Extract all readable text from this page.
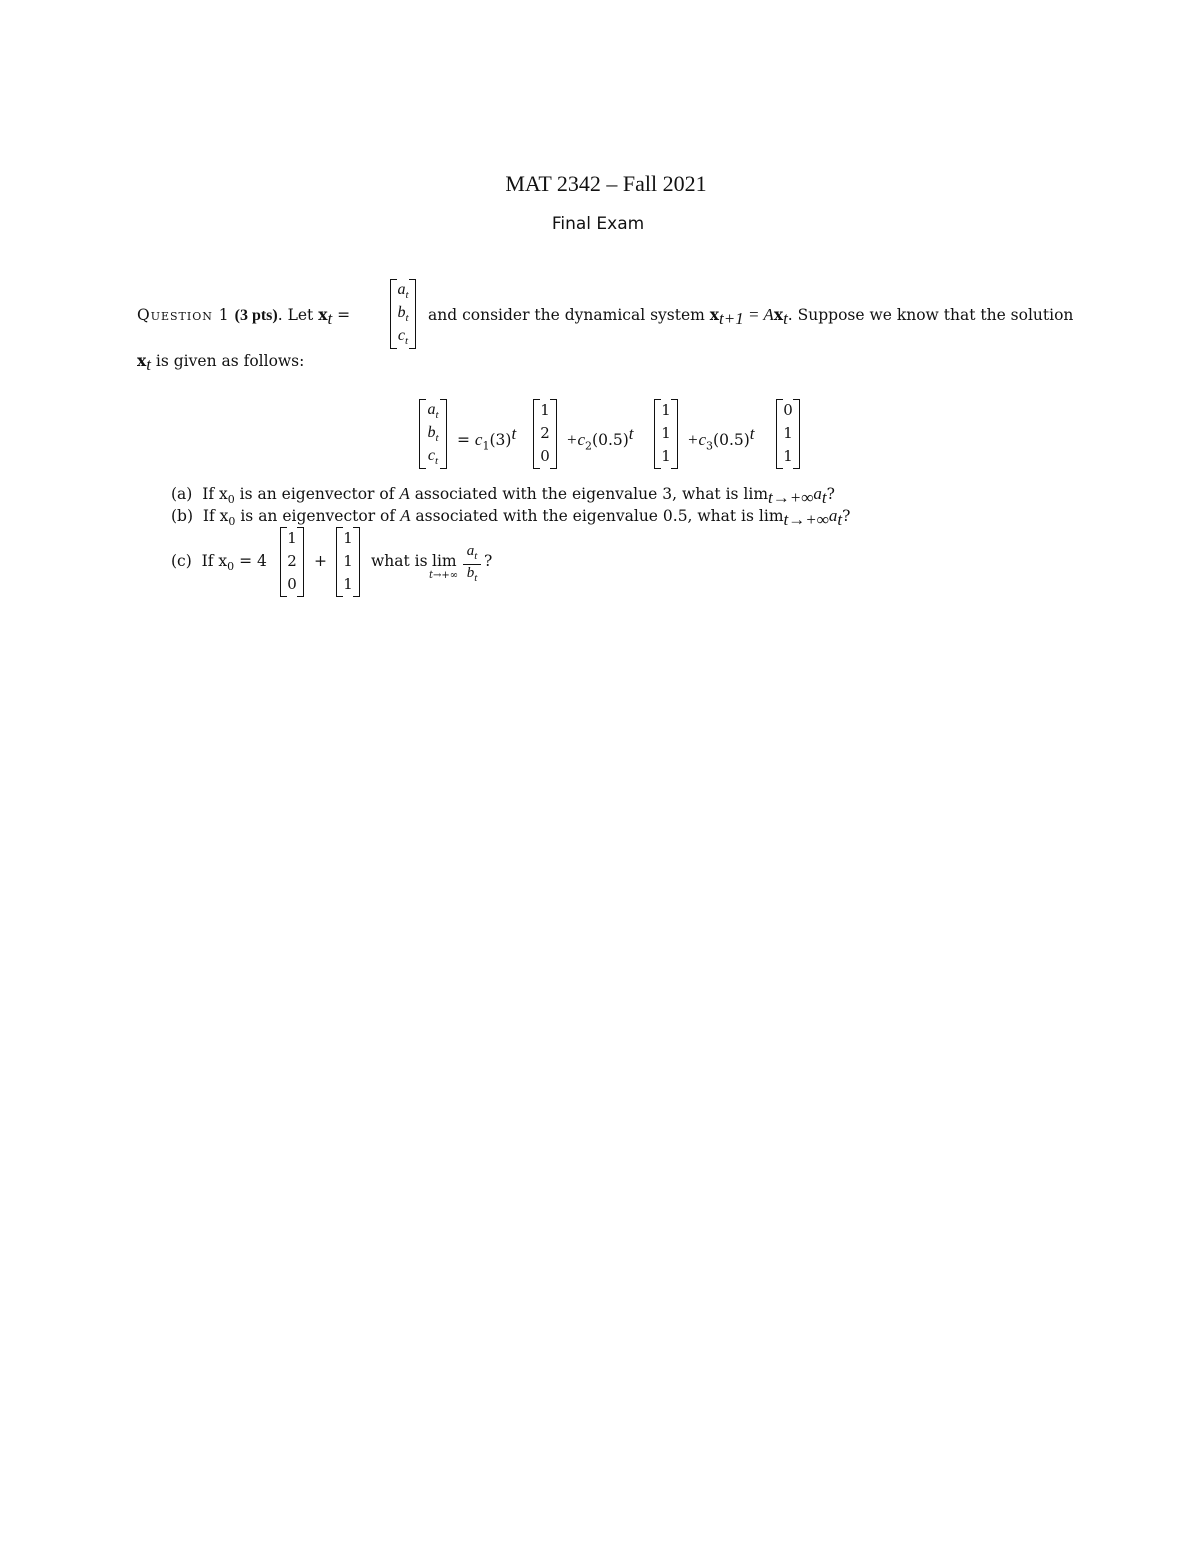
MAT 2342 – Fall 2021
Final Exam
Question 1 (3 pts). Let $x_t$ =
$a_t$
$b_t$
$c_t$
and consider the dynamical system $x_{t+1} = Ax_t$. Suppose we know that the solution
$x_t$ is given as follows:
$a_t$
$b_t$
$c_t$
= $c_1(3)^t$
1
2
0
$+c_2(0.5)^t$
1
1
1
$+c_3(0.5)^t$
0
1
1
(a) If $x_0$ is an eigenvector of A associated with the eigenvalue 3, what is $\lim_{t\to+\infty}a_t$?
(b) If $x_0$ is an eigenvector of A associated with the eigenvalue 0.5, what is $\lim_{t\to+\infty}a_t$?
(c) If $x_0 = 4$
1
2
0
+
1
1
1
what is lim
t→+∞
$a_t$
$b_t$
?
